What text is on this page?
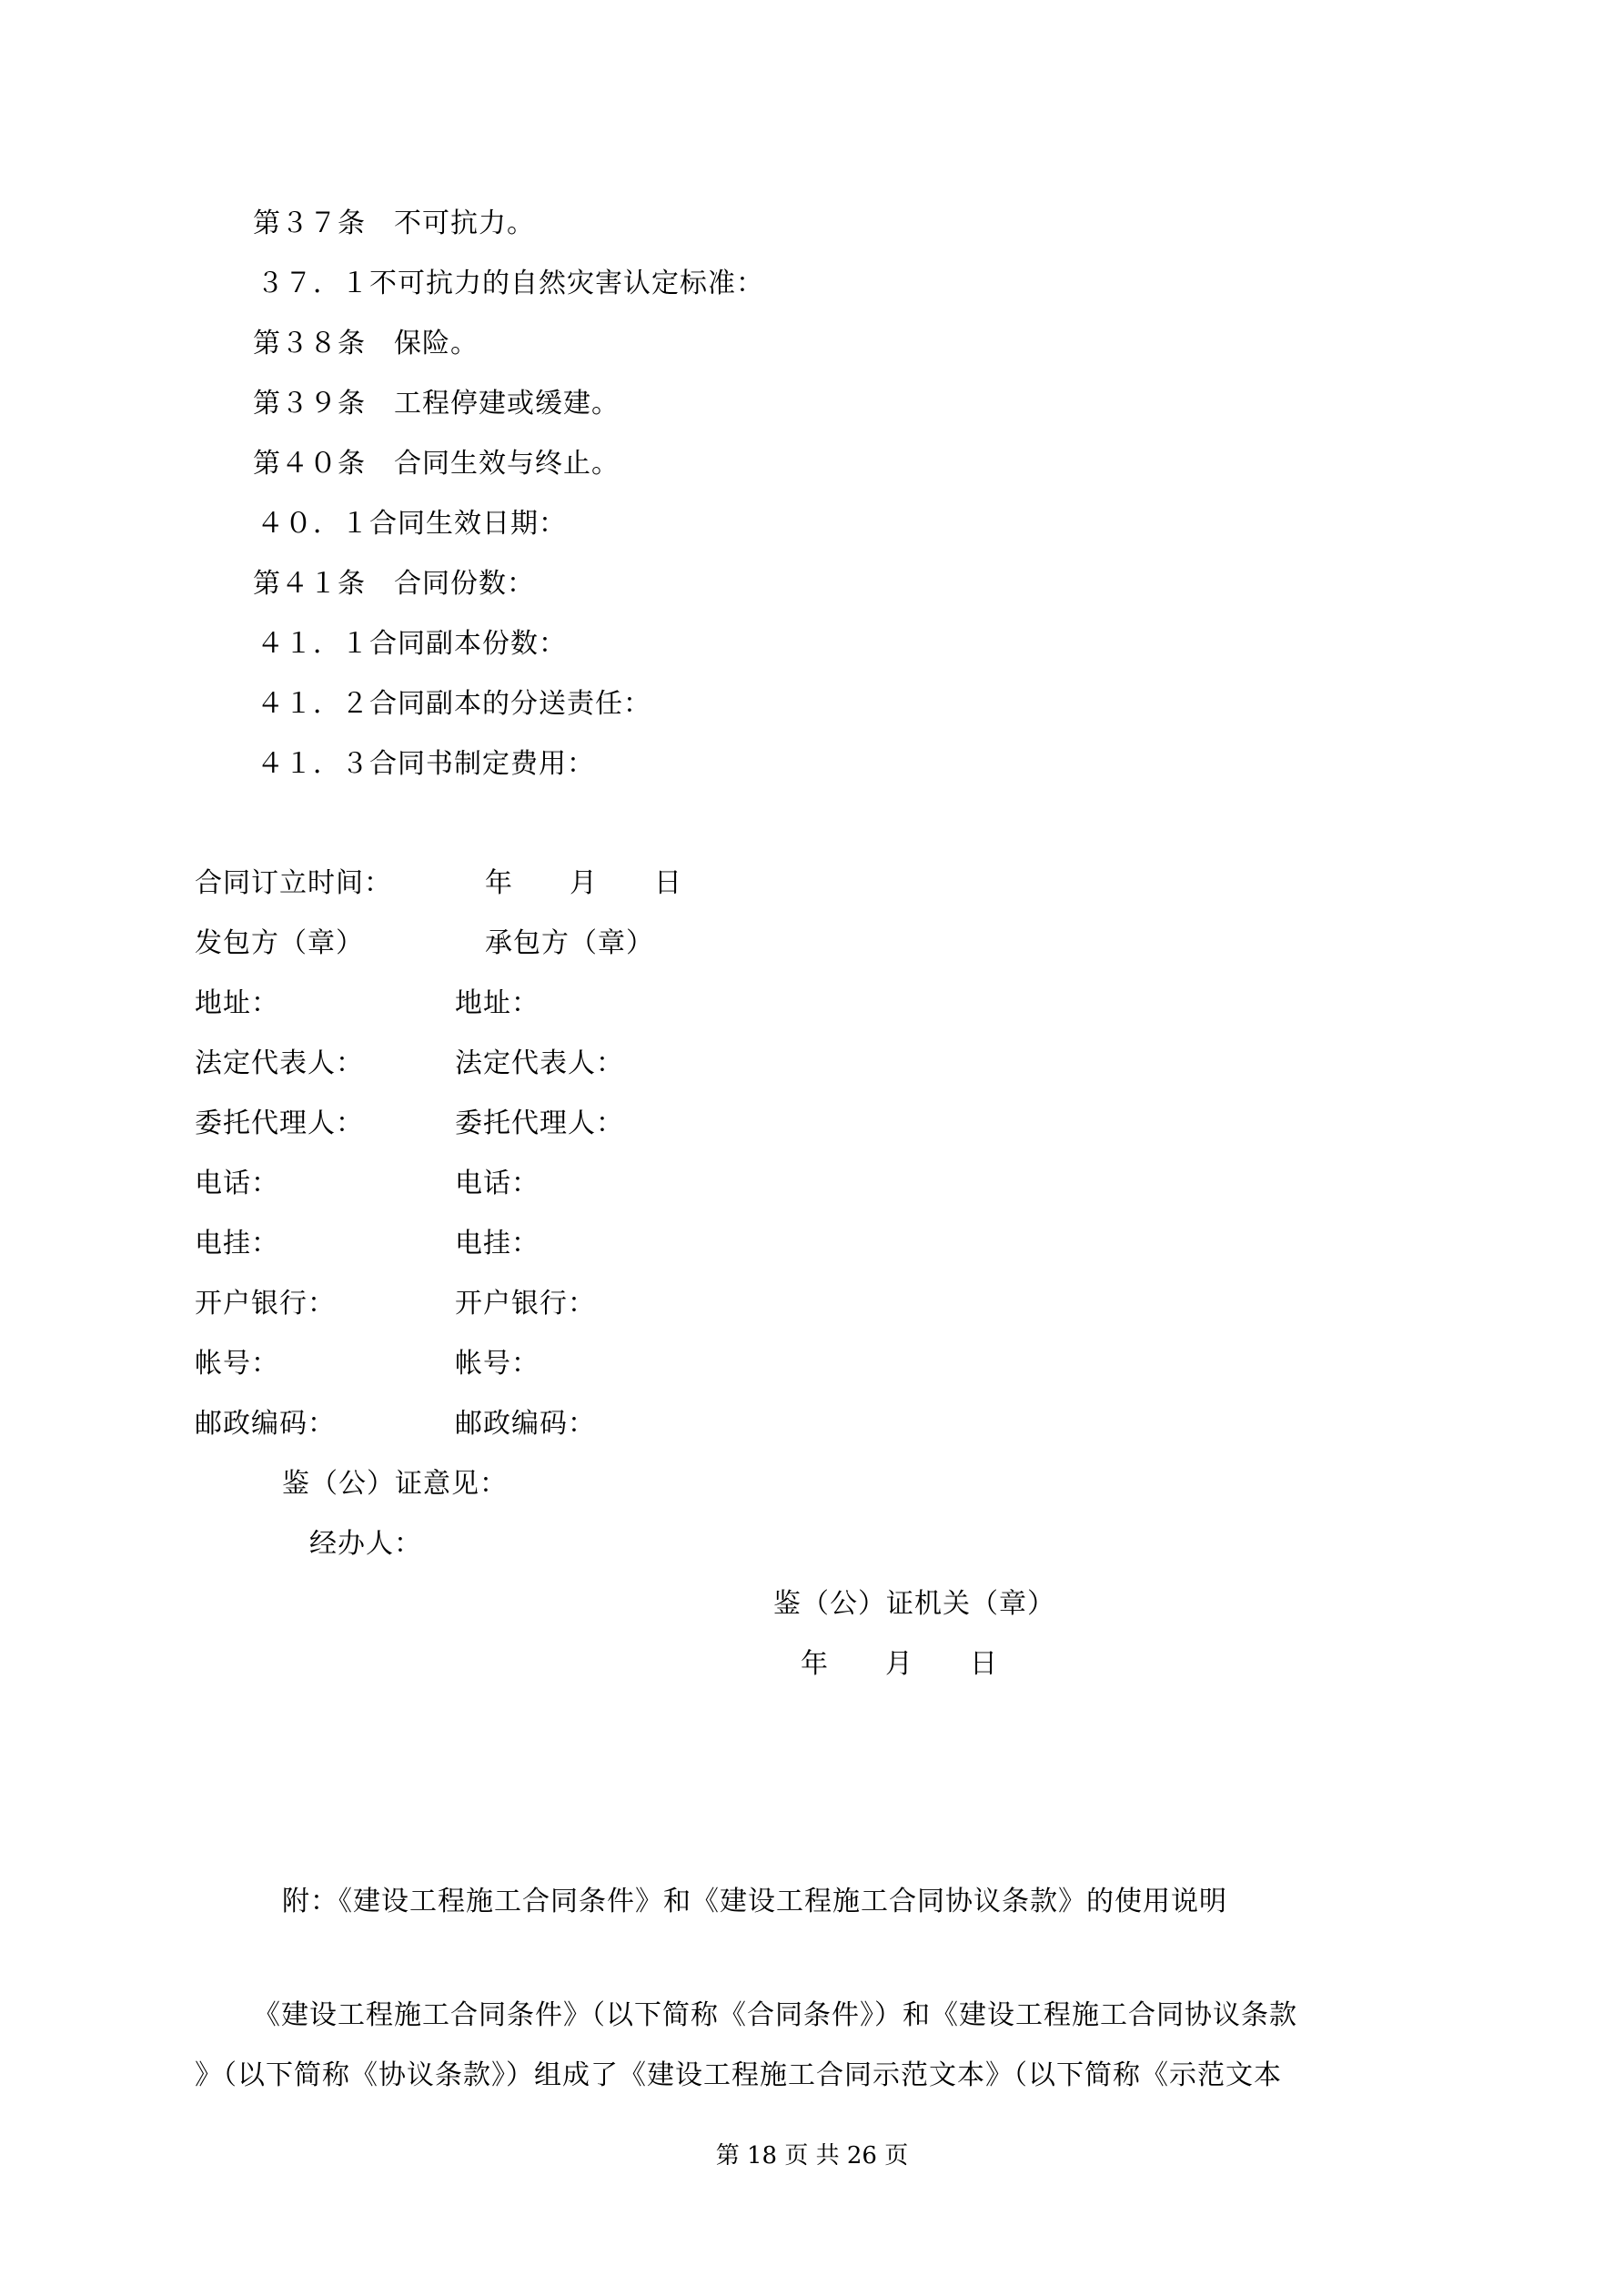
第３７条　不可抗力。
３７．１不可抗力的自然灾害认定标准：
第３８条　保险。
第３９条　工程停建或缓建。
第４０条　合同生效与终止。
４０．１合同生效日期：
第４１条　合同份数：
４１．１合同副本份数：
４１．２合同副本的分送责任：
４１．３合同书制定费用：
合同订立时间：	年　　月　　日
发包方（章）	承包方（章）
地址：	地址：
法定代表人：	法定代表人：
委托代理人：	委托代理人：
电话：	电话：
电挂：	电挂：
开户银行：	开户银行：
帐号：	帐号：
邮政编码：	邮政编码：
鉴（公）证意见：
经办人：
鉴（公）证机关（章）
年　　月　　日
附：《建设工程施工合同条件》和《建设工程施工合同协议条款》的使用说明
《建设工程施工合同条件》（以下简称《合同条件》）和《建设工程施工合同协议条款
》（以下简称《协议条款》）组成了《建设工程施工合同示范文本》（以下简称《示范文本
第 18 页 共 26 页
